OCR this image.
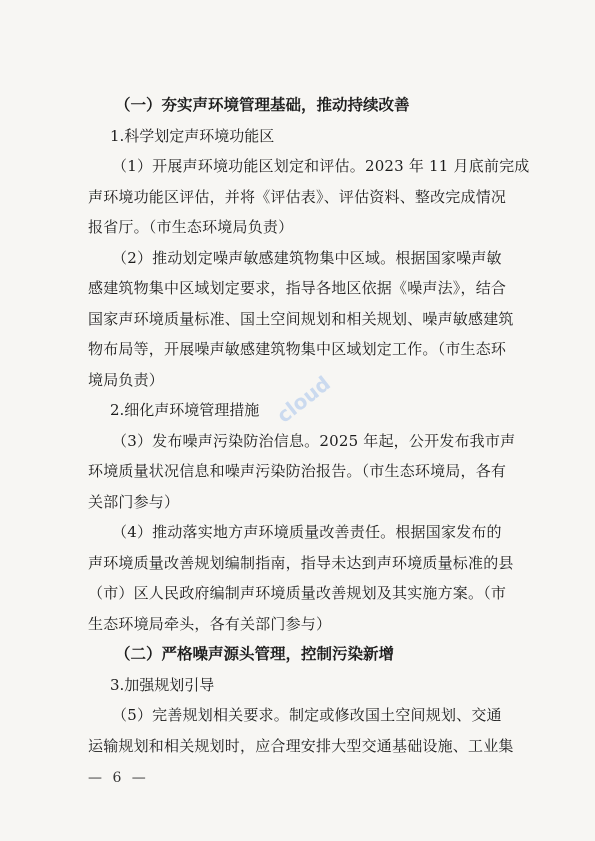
（一）夯实声环境管理基础，推动持续改善
1.科学划定声环境功能区
（1）开展声环境功能区划定和评估。2023 年 11 月底前完成
声环境功能区评估，并将《评估表》、评估资料、整改完成情况
报省厅。（市生态环境局负责）
（2）推动划定噪声敏感建筑物集中区域。根据国家噪声敏
感建筑物集中区域划定要求，指导各地区依据《噪声法》，结合
国家声环境质量标准、国土空间规划和相关规划、噪声敏感建筑
物布局等，开展噪声敏感建筑物集中区域划定工作。（市生态环
境局负责）
2.细化声环境管理措施
（3）发布噪声污染防治信息。2025 年起，公开发布我市声
环境质量状况信息和噪声污染防治报告。（市生态环境局，各有
关部门参与）
（4）推动落实地方声环境质量改善责任。根据国家发布的
声环境质量改善规划编制指南，指导未达到声环境质量标准的县
（市）区人民政府编制声环境质量改善规划及其实施方案。（市
生态环境局牵头，各有关部门参与）
（二）严格噪声源头管理，控制污染新增
3.加强规划引导
（5）完善规划相关要求。制定或修改国土空间规划、交通
运输规划和相关规划时，应合理安排大型交通基础设施、工业集
cloud
— 6 —
